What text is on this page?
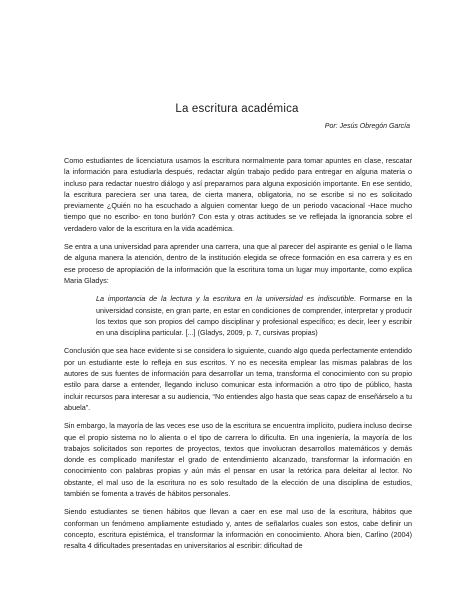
La escritura académica
Por: Jesús Obregón García

Como estudiantes de licenciatura usamos la escritura normalmente para tomar apuntes en clase, rescatar la información para estudiarla después, redactar algún trabajo pedido para entregar en alguna materia o incluso para redactar nuestro diálogo y así prepararnos para alguna exposición importante. En ese sentido, la escritura pareciera ser una tarea, de cierta manera, obligatoria, no se escribe si no es solicitado previamente ¿Quién no ha escuchado a alguien comentar luego de un periodo vacacional -Hace mucho tiempo que no escribo- en tono burlón? Con esta y otras actitudes se ve reflejada la ignorancia sobre el verdadero valor de la escritura en la vida académica.

Se entra a una universidad para aprender una carrera, una que al parecer del aspirante es genial o le llama de alguna manera la atención, dentro de la institución elegida se ofrece formación en esa carrera y es en ese proceso de apropiación de la información que la escritura toma un lugar muy importante, como explica Maria Gladys:

La importancia de la lectura y la escritura en la universidad es indiscutible. Formarse en la universidad consiste, en gran parte, en estar en condiciones de comprender, interpretar y producir los textos que son propios del campo disciplinar y profesional específico; es decir, leer y escribir en una disciplina particular. [...] (Gladys, 2009, p. 7, cursivas propias)

Conclusión que sea hace evidente si se considera lo siguiente, cuando algo queda perfectamente entendido por un estudiante este lo refleja en sus escritos. Y no es necesita emplear las mismas palabras de los autores de sus fuentes de información para desarrollar un tema, transforma el conocimiento con su propio estilo para darse a entender, llegando incluso comunicar esta información a otro tipo de público, hasta incluir recursos para interesar a su audiencia, “No entiendes algo hasta que seas capaz de enseñárselo a tu abuela”.

Sin embargo, la mayoría de las veces ese uso de la escritura se encuentra implícito, pudiera incluso decirse que el propio sistema no lo alienta o el tipo de carrera lo dificulta. En una ingeniería, la mayoría de los trabajos solicitados son reportes de proyectos, textos que involucran desarrollos matemáticos y demás donde es complicado manifestar el grado de entendimiento alcanzado, transformar la información en conocimiento con palabras propias y aún más el pensar en usar la retórica para deleitar al lector. No obstante, el mal uso de la escritura no es solo resultado de la elección de una disciplina de estudios, también se fomenta a través de hábitos personales.

Siendo estudiantes se tienen hábitos que llevan a caer en ese mal uso de la escritura, hábitos que conforman un fenómeno ampliamente estudiado y, antes de señalarlos cuales son estos, cabe definir un concepto, escritura epistémica, el transformar la información en conocimiento. Ahora bien, Carlino (2004) resalta 4 dificultades presentadas en universitarios al escribir: dificultad de
